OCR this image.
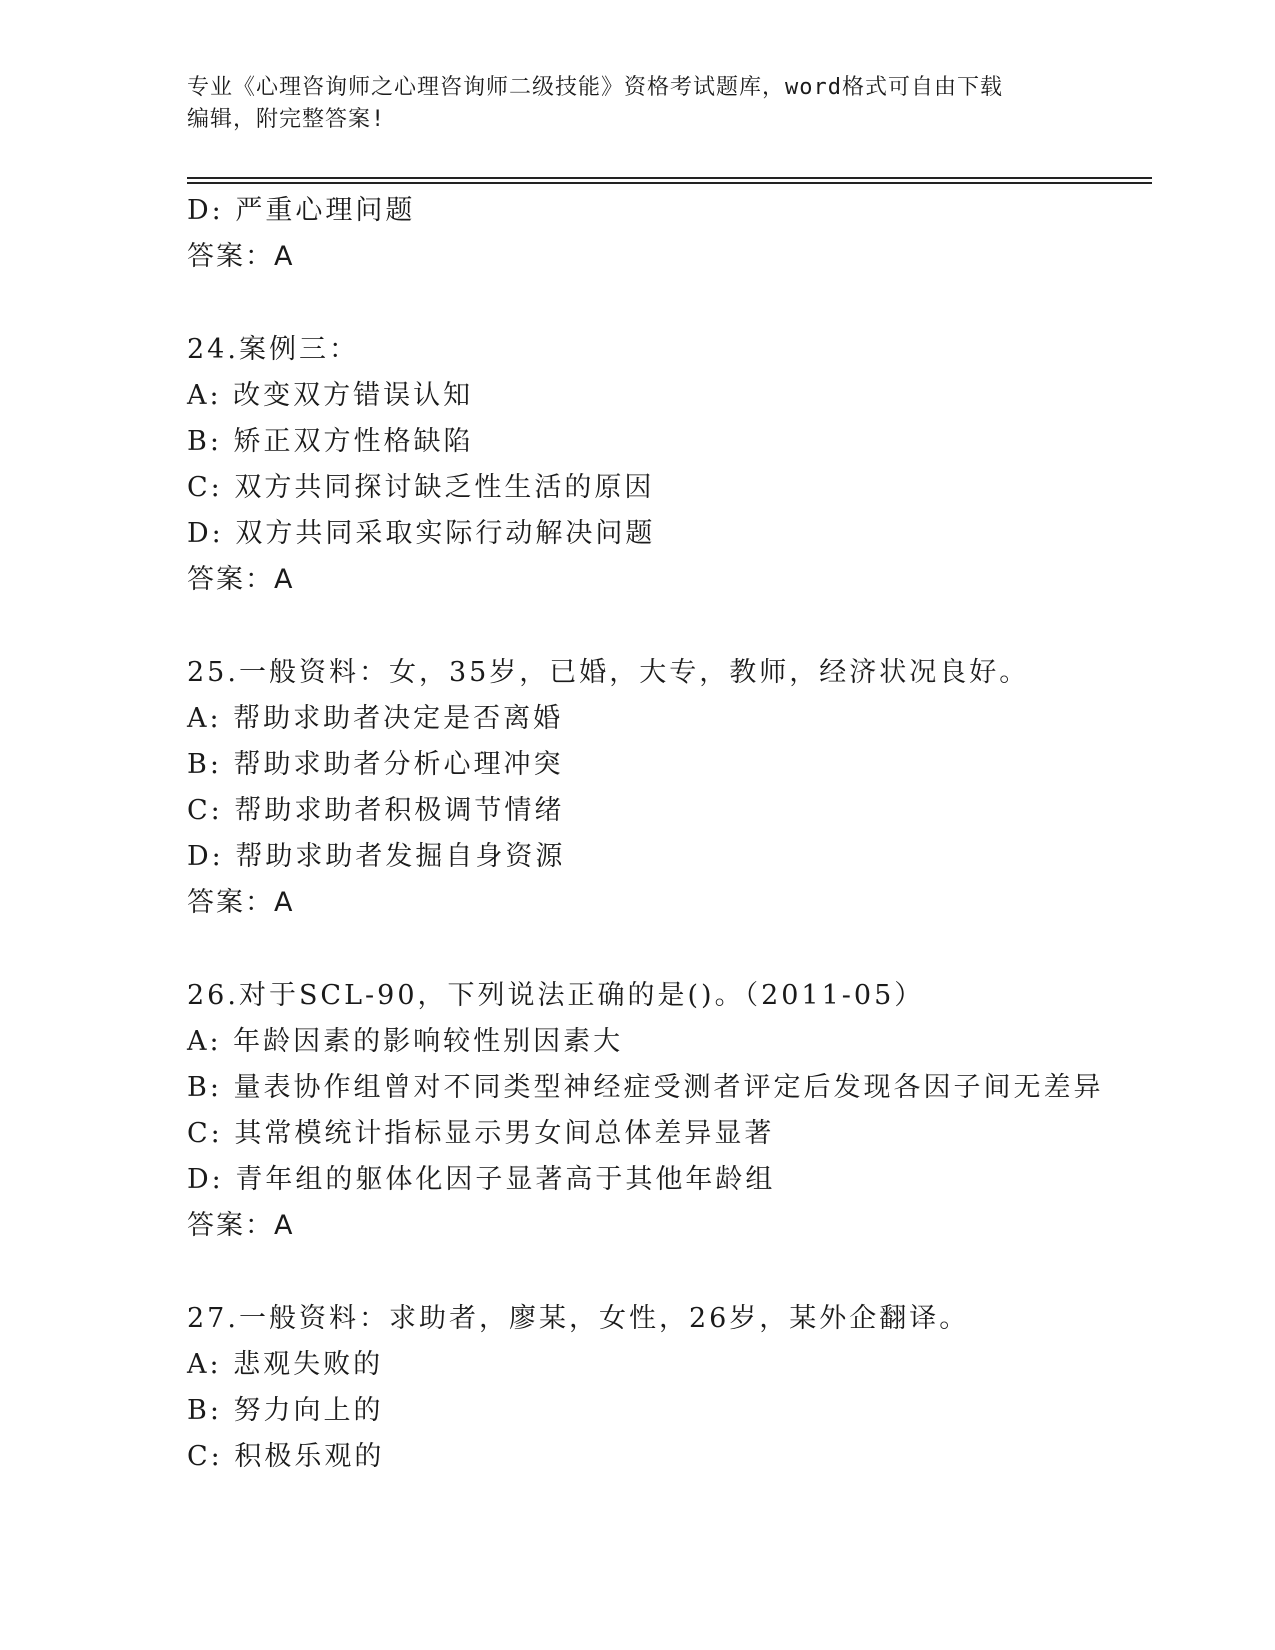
专业《心理咨询师之心理咨询师二级技能》资格考试题库，word格式可自由下载
编辑，附完整答案!
D: 严重心理问题
答案：A
24.案例三：
A: 改变双方错误认知
B: 矫正双方性格缺陷
C: 双方共同探讨缺乏性生活的原因
D: 双方共同采取实际行动解决问题
答案：A
25.一般资料：女，35岁，已婚，大专，教师，经济状况良好。
A: 帮助求助者决定是否离婚
B: 帮助求助者分析心理冲突
C: 帮助求助者积极调节情绪
D: 帮助求助者发掘自身资源
答案：A
26.对于SCL-90，下列说法正确的是()。（2011-05）
A: 年龄因素的影响较性别因素大
B: 量表协作组曾对不同类型神经症受测者评定后发现各因子间无差异
C: 其常模统计指标显示男女间总体差异显著
D: 青年组的躯体化因子显著高于其他年龄组
答案：A
27.一般资料：求助者，廖某，女性，26岁，某外企翻译。
A: 悲观失败的
B: 努力向上的
C: 积极乐观的
